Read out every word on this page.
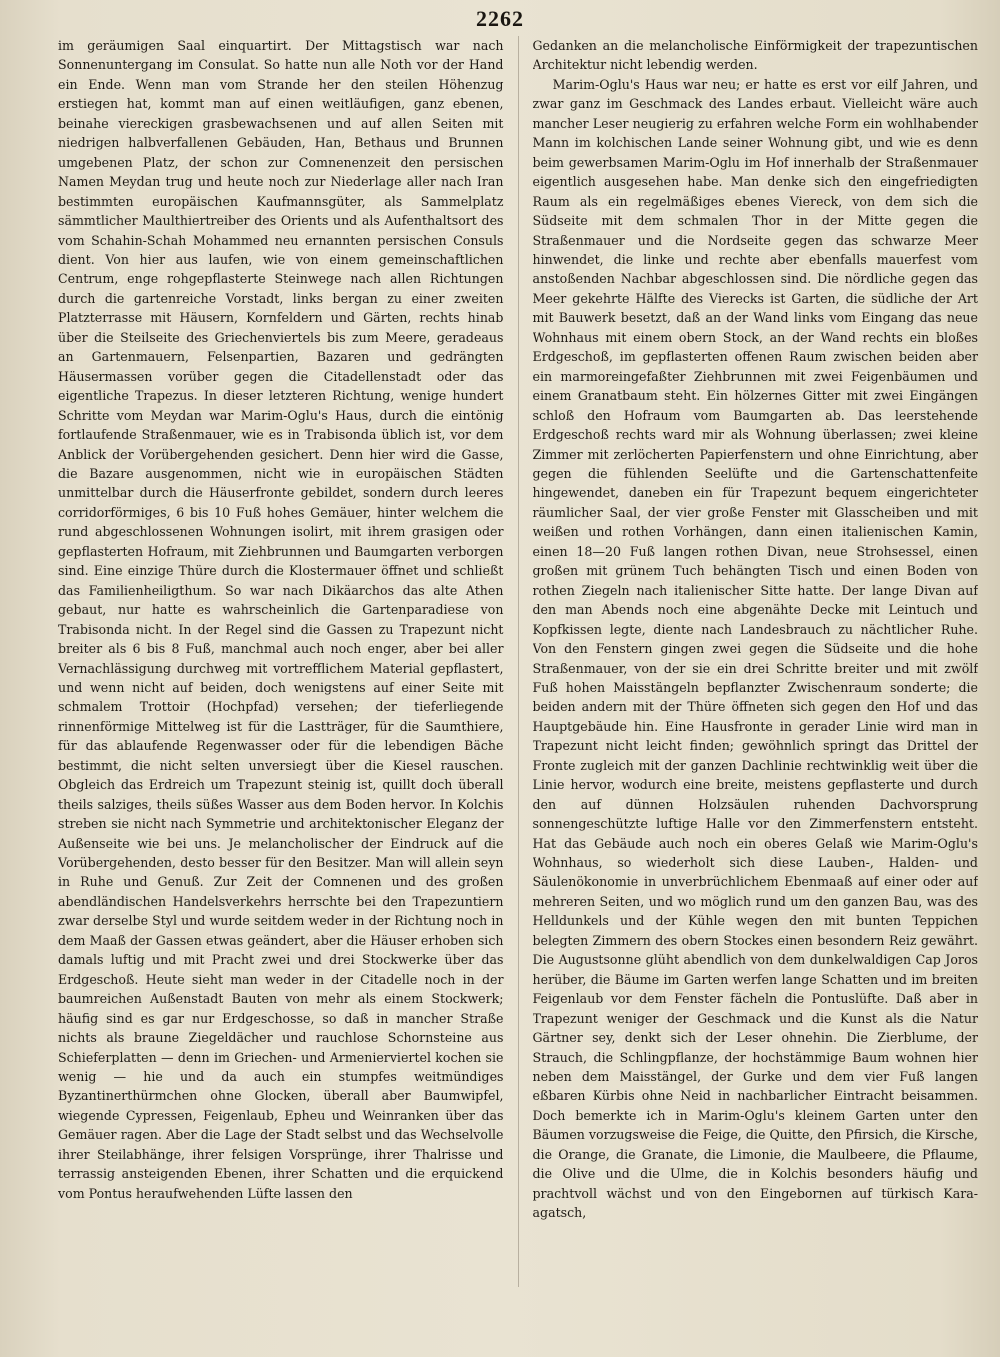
2262

im geräumigen Saal einquartirt. Der Mittagstisch war nach Sonnenuntergang im Consulat. So hatte nun alle Noth vor der Hand ein Ende. Wenn man vom Strande her den steilen Höhenzug erstiegen hat, kommt man auf einen weitläufigen, ganz ebenen, beinahe viereckigen grasbewachsenen und auf allen Seiten mit niedrigen halbverfallenen Gebäuden, Han, Bethaus und Brunnen umgebenen Platz, der schon zur Comnenenzeit den persischen Namen Meydan trug und heute noch zur Niederlage aller nach Iran bestimmten europäischen Kaufmannsgüter, als Sammelplatz sämmtlicher Maulthiertreiber des Orients und als Aufenthaltsort des vom Schahin-Schah Mohammed neu ernannten persischen Consuls dient. Von hier aus laufen, wie von einem gemeinschaftlichen Centrum, enge rohgepflasterte Steinwege nach allen Richtungen durch die gartenreiche Vorstadt, links bergan zu einer zweiten Platzterrasse mit Häusern, Kornfeldern und Gärten, rechts hinab über die Steilseite des Griechenviertels bis zum Meere, geradeaus an Gartenmauern, Felsenpartien, Bazaren und gedrängten Häusermassen vorüber gegen die Citadellenstadt oder das eigentliche Trapezus. In dieser letzteren Richtung, wenige hundert Schritte vom Meydan war Marim-Oglu's Haus, durch die eintönig fortlaufende Straßenmauer, wie es in Trabisonda üblich ist, vor dem Anblick der Vorübergehenden gesichert. Denn hier wird die Gasse, die Bazare ausgenommen, nicht wie in europäischen Städten unmittelbar durch die Häuserfronte gebildet, sondern durch leeres corridorförmiges, 6 bis 10 Fuß hohes Gemäuer, hinter welchem die rund abgeschlossenen Wohnungen isolirt, mit ihrem grasigen oder gepflasterten Hofraum, mit Ziehbrunnen und Baumgarten verborgen sind. Eine einzige Thüre durch die Klostermauer öffnet und schließt das Familienheiligthum. So war nach Dikäarchos das alte Athen gebaut, nur hatte es wahrscheinlich die Gartenparadiese von Trabisonda nicht. In der Regel sind die Gassen zu Trapezunt nicht breiter als 6 bis 8 Fuß, manchmal auch noch enger, aber bei aller Vernachlässigung durchweg mit vortrefflichem Material gepflastert, und wenn nicht auf beiden, doch wenigstens auf einer Seite mit schmalem Trottoir (Hochpfad) versehen; der tieferliegende rinnenförmige Mittelweg ist für die Lastträger, für die Saumthiere, für das ablaufende Regenwasser oder für die lebendigen Bäche bestimmt, die nicht selten unversiegt über die Kiesel rauschen. Obgleich das Erdreich um Trapezunt steinig ist, quillt doch überall theils salziges, theils süßes Wasser aus dem Boden hervor. In Kolchis streben sie nicht nach Symmetrie und architektonischer Eleganz der Außenseite wie bei uns. Je melancholischer der Eindruck auf die Vorübergehenden, desto besser für den Besitzer. Man will allein seyn in Ruhe und Genuß. Zur Zeit der Comnenen und des großen abendländischen Handelsverkehrs herrschte bei den Trapezuntiern zwar derselbe Styl und wurde seitdem weder in der Richtung noch in dem Maaß der Gassen etwas geändert, aber die Häuser erhoben sich damals luftig und mit Pracht zwei und drei Stockwerke über das Erdgeschoß. Heute sieht man weder in der Citadelle noch in der baumreichen Außenstadt Bauten von mehr als einem Stockwerk; häufig sind es gar nur Erdgeschosse, so daß in mancher Straße nichts als braune Ziegeldächer und rauchlose Schornsteine aus Schieferplatten — denn im Griechen- und Armenierviertel kochen sie wenig — hie und da auch ein stumpfes weitmündiges Byzantinerthürmchen ohne Glocken, überall aber Baumwipfel, wiegende Cypressen, Feigenlaub, Epheu und Weinranken über das Gemäuer ragen. Aber die Lage der Stadt selbst und das Wechselvolle ihrer Steilabhänge, ihrer felsigen Vorsprünge, ihrer Thalrisse und terrassig ansteigenden Ebenen, ihrer Schatten und die erquickend vom Pontus heraufwehenden Lüfte lassen den

Gedanken an die melancholische Einförmigkeit der trapezuntischen Architektur nicht lebendig werden.

Marim-Oglu's Haus war neu; er hatte es erst vor eilf Jahren, und zwar ganz im Geschmack des Landes erbaut. Vielleicht wäre auch mancher Leser neugierig zu erfahren welche Form ein wohlhabender Mann im kolchischen Lande seiner Wohnung gibt, und wie es denn beim gewerbsamen Marim-Oglu im Hof innerhalb der Straßenmauer eigentlich ausgesehen habe. Man denke sich den eingefriedigten Raum als ein regelmäßiges ebenes Viereck, von dem sich die Südseite mit dem schmalen Thor in der Mitte gegen die Straßenmauer und die Nordseite gegen das schwarze Meer hinwendet, die linke und rechte aber ebenfalls mauerfest vom anstoßenden Nachbar abgeschlossen sind. Die nördliche gegen das Meer gekehrte Hälfte des Vierecks ist Garten, die südliche der Art mit Bauwerk besetzt, daß an der Wand links vom Eingang das neue Wohnhaus mit einem obern Stock, an der Wand rechts ein bloßes Erdgeschoß, im gepflasterten offenen Raum zwischen beiden aber ein marmoreingefaßter Ziehbrunnen mit zwei Feigenbäumen und einem Granatbaum steht. Ein hölzernes Gitter mit zwei Eingängen schloß den Hofraum vom Baumgarten ab. Das leerstehende Erdgeschoß rechts ward mir als Wohnung überlassen; zwei kleine Zimmer mit zerlöcherten Papierfenstern und ohne Einrichtung, aber gegen die fühlenden Seelüfte und die Gartenschattenfeite hingewendet, daneben ein für Trapezunt bequem eingerichteter räumlicher Saal, der vier große Fenster mit Glasscheiben und mit weißen und rothen Vorhängen, dann einen italienischen Kamin, einen 18—20 Fuß langen rothen Divan, neue Strohsessel, einen großen mit grünem Tuch behängten Tisch und einen Boden von rothen Ziegeln nach italienischer Sitte hatte. Der lange Divan auf den man Abends noch eine abgenähte Decke mit Leintuch und Kopfkissen legte, diente nach Landesbrauch zu nächtlicher Ruhe. Von den Fenstern gingen zwei gegen die Südseite und die hohe Straßenmauer, von der sie ein drei Schritte breiter und mit zwölf Fuß hohen Maisstängeln bepflanzter Zwischenraum sonderte; die beiden andern mit der Thüre öffneten sich gegen den Hof und das Hauptgebäude hin. Eine Hausfronte in gerader Linie wird man in Trapezunt nicht leicht finden; gewöhnlich springt das Drittel der Fronte zugleich mit der ganzen Dachlinie rechtwinklig weit über die Linie hervor, wodurch eine breite, meistens gepflasterte und durch den auf dünnen Holzsäulen ruhenden Dachvorsprung sonnengeschützte luftige Halle vor den Zimmerfenstern entsteht. Hat das Gebäude auch noch ein oberes Gelaß wie Marim-Oglu's Wohnhaus, so wiederholt sich diese Lauben-, Halden- und Säulenökonomie in unverbrüchlichem Ebenmaaß auf einer oder auf mehreren Seiten, und wo möglich rund um den ganzen Bau, was des Helldunkels und der Kühle wegen den mit bunten Teppichen belegten Zimmern des obern Stockes einen besondern Reiz gewährt. Die Augustsonne glüht abendlich von dem dunkelwaldigen Cap Joros herüber, die Bäume im Garten werfen lange Schatten und im breiten Feigenlaub vor dem Fenster fächeln die Pontuslüfte. Daß aber in Trapezunt weniger der Geschmack und die Kunst als die Natur Gärtner sey, denkt sich der Leser ohnehin. Die Zierblume, der Strauch, die Schlingpflanze, der hochstämmige Baum wohnen hier neben dem Maisstängel, der Gurke und dem vier Fuß langen eßbaren Kürbis ohne Neid in nachbarlicher Eintracht beisammen. Doch bemerkte ich in Marim-Oglu's kleinem Garten unter den Bäumen vorzugsweise die Feige, die Quitte, den Pfirsich, die Kirsche, die Orange, die Granate, die Limonie, die Maulbeere, die Pflaume, die Olive und die Ulme, die in Kolchis besonders häufig und prachtvoll wächst und von den Eingebornen auf türkisch Kara-agatsch,
